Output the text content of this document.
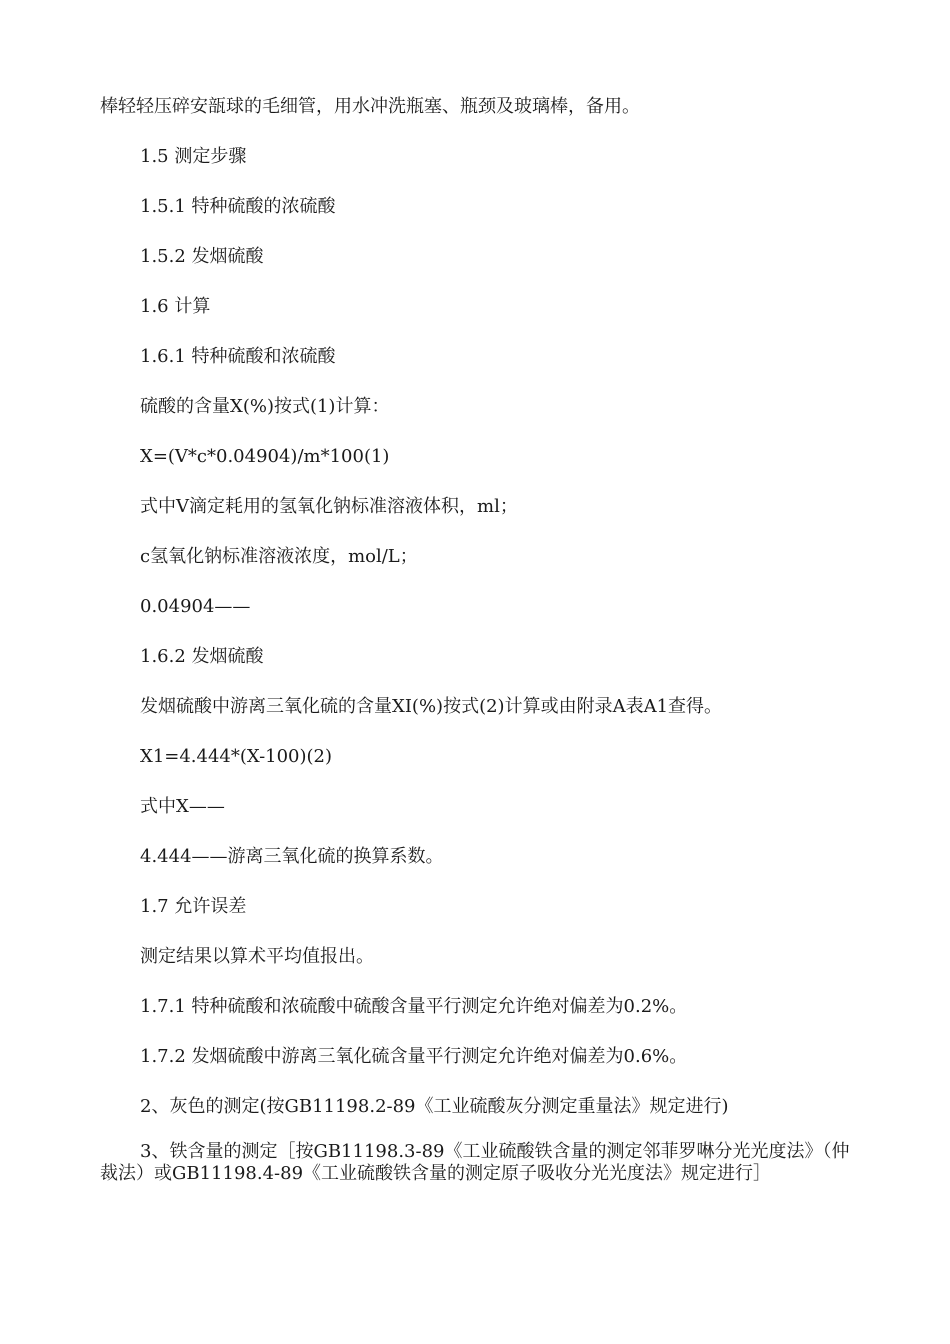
棒轻轻压碎安瓿球的毛细管，用水冲洗瓶塞、瓶颈及玻璃棒，备用。

1.5 测定步骤

1.5.1 特种硫酸的浓硫酸

1.5.2 发烟硫酸

1.6 计算

1.6.1 特种硫酸和浓硫酸

硫酸的含量X(%)按式(1)计算：

X=(V*c*0.04904)/m*100(1)

式中V滴定耗用的氢氧化钠标准溶液体积，ml；

c氢氧化钠标准溶液浓度，mol/L；

0.04904——

1.6.2 发烟硫酸

发烟硫酸中游离三氧化硫的含量XI(%)按式(2)计算或由附录A表A1查得。

X1=4.444*(X-100)(2)

式中X——

4.444——游离三氧化硫的换算系数。

1.7 允许误差

测定结果以算术平均值报出。

1.7.1 特种硫酸和浓硫酸中硫酸含量平行测定允许绝对偏差为0.2%。

1.7.2 发烟硫酸中游离三氧化硫含量平行测定允许绝对偏差为0.6%。

2、灰色的测定(按GB11198.2-89《工业硫酸灰分测定重量法》规定进行)

3、铁含量的测定［按GB11198.3-89《工业硫酸铁含量的测定邻菲罗啉分光光度法》（仲裁法）或GB11198.4-89《工业硫酸铁含量的测定原子吸收分光光度法》规定进行］
